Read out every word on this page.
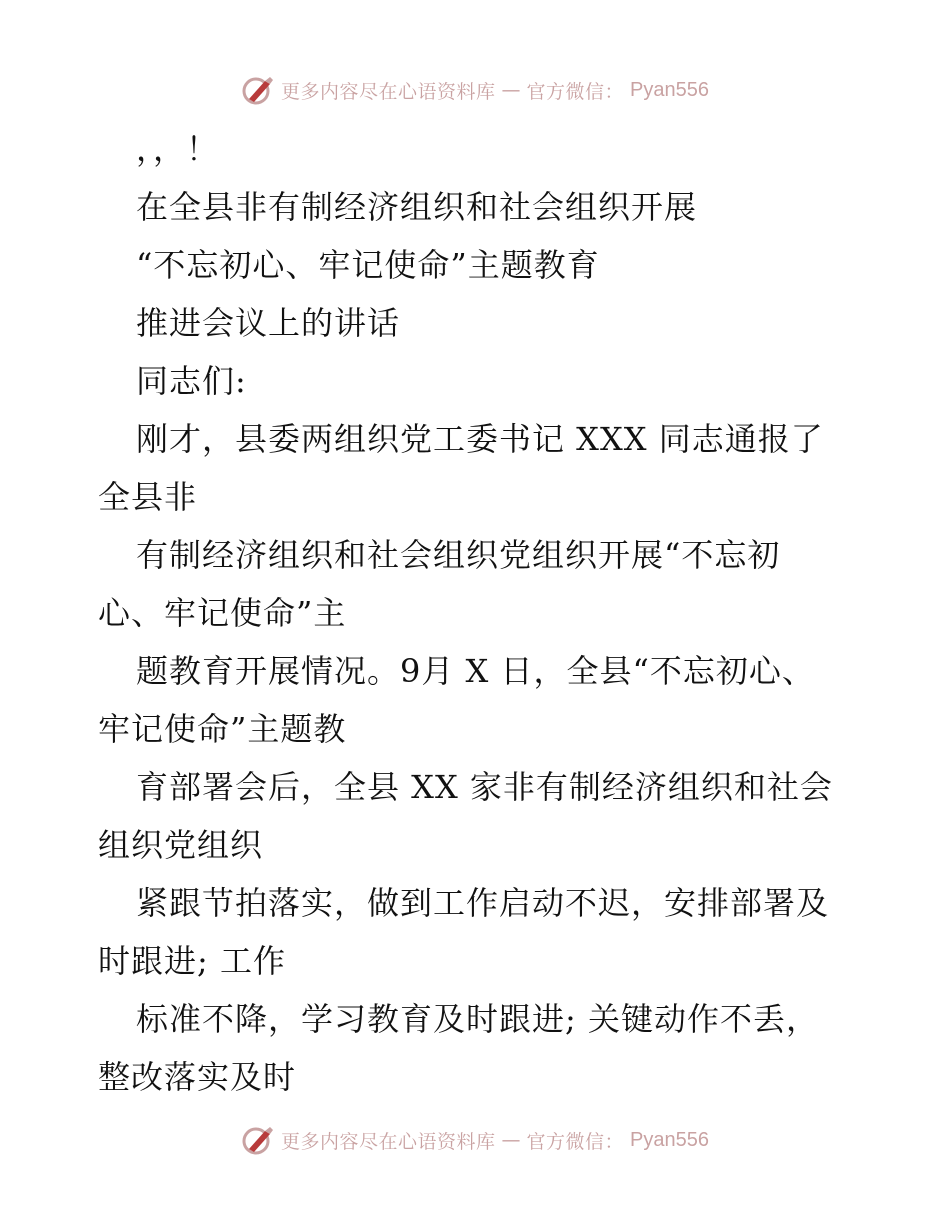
更多内容尽在心语资料库 — 官方微信： Pyan556
，，！
在全县非有制经济组织和社会组织开展
“不忘初心、牢记使命”主题教育
推进会议上的讲话
同志们:
刚才，县委两组织党工委书记 XXX 同志通报了
全县非
有制经济组织和社会组织党组织开展“不忘初
心、牢记使命”主
题教育开展情况。9月 X 日，全县“不忘初心、
牢记使命”主题教
育部署会后，全县 XX 家非有制经济组织和社会
组织党组织
紧跟节拍落实，做到工作启动不迟，安排部署及
时跟进; 工作
标准不降，学习教育及时跟进; 关键动作不丢，
整改落实及时
更多内容尽在心语资料库 — 官方微信： Pyan556
